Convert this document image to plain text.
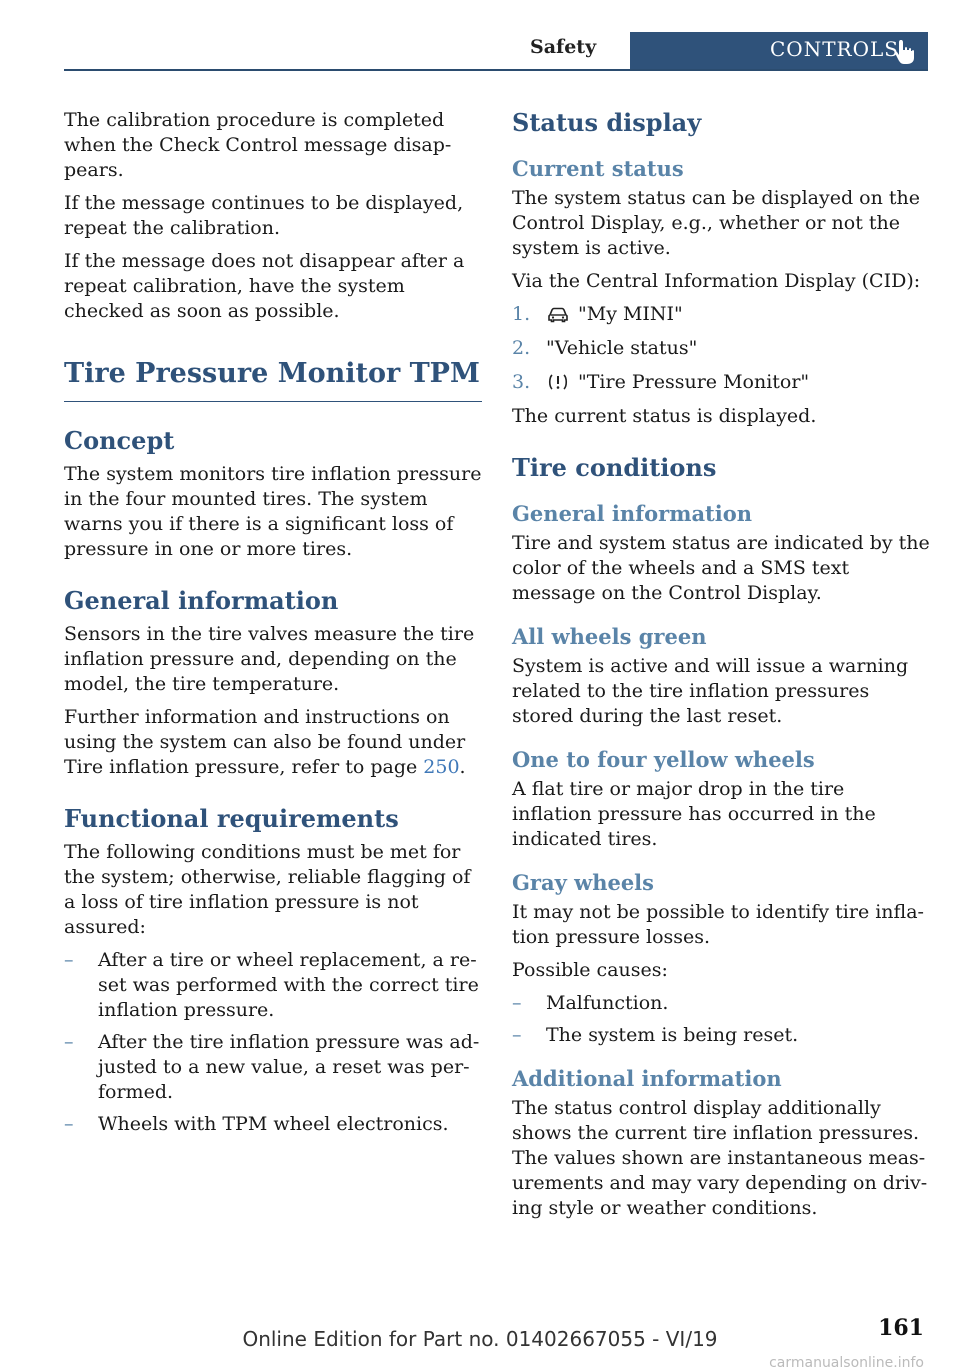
Safety	CONTROLS

The calibration procedure is completed when the Check Control message disappears.

If the message continues to be displayed, repeat the calibration.

If the message does not disappear after a repeat calibration, have the system checked as soon as possible.

Tire Pressure Monitor TPM
Concept

The system monitors tire inflation pressure in the four mounted tires. The system warns you if there is a significant loss of pressure in one or more tires.

General information

Sensors in the tire valves measure the tire inflation pressure and, depending on the model, the tire temperature.

Further information and instructions on using the system can also be found under Tire inflation pressure, refer to page 250.

Functional requirements

The following conditions must be met for the system; otherwise, reliable flagging of a loss of tire inflation pressure is not assured:

– After a tire or wheel replacement, a reset was performed with the correct tire inflation pressure.
– After the tire inflation pressure was adjusted to a new value, a reset was performed.
– Wheels with TPM wheel electronics.
Status display
Current status

The system status can be displayed on the Control Display, e.g., whether or not the system is active.

Via the Central Information Display (CID):

1.	"My MINI"
2. "Vehicle status"
3.	"Tire Pressure Monitor"

The current status is displayed.

Tire conditions
General information

Tire and system status are indicated by the color of the wheels and a SMS text message on the Control Display.

All wheels green

System is active and will issue a warning related to the tire inflation pressures stored during the last reset.

One to four yellow wheels

A flat tire or major drop in the tire inflation pressure has occurred in the indicated tires.

Gray wheels

It may not be possible to identify tire inflation pressure losses.

Possible causes:

– Malfunction.
– The system is being reset.
Additional information

The status control display additionally shows the current tire inflation pressures. The values shown are instantaneous measurements and may vary depending on driving style or weather conditions.

161
Online Edition for Part no. 01402667055 - VI/19
carmanualsonline.info
